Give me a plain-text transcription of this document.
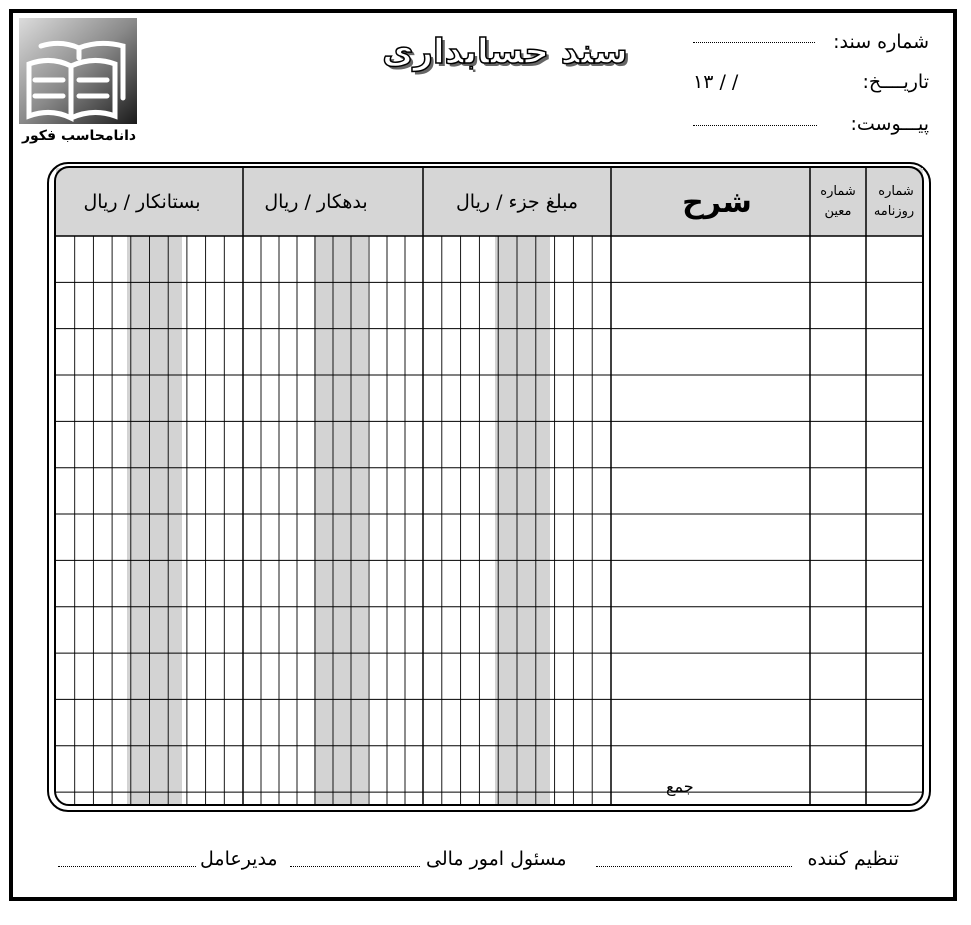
دانامحاسب فکور
سند حسابداری	شماره سند:
تاریــــخ:
۱۳ / /
پیـــوست:
شماره روزنامه
شماره معین
شرح
مبلغ جزء / ریال
بدهکار / ریال
بستانکار / ریال
جمع
تنظیم کننده
مسئول امور مالی
مدیرعامل
